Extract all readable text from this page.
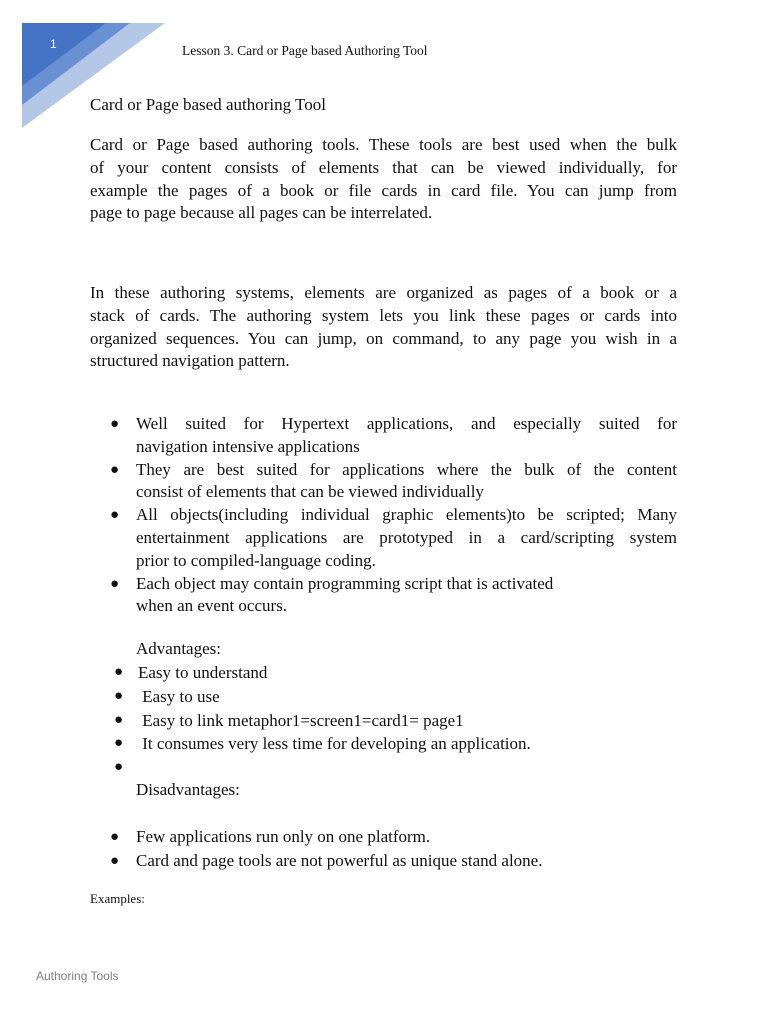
1	Lesson 3. Card or Page based Authoring Tool
Card or Page based authoring Tool

Card or Page based authoring tools. These tools are best used when the bulk
of your content consists of elements that can be viewed individually, for
example the pages of a book or file cards in card file. You can jump from
page to page because all pages can be interrelated.

In these authoring systems, elements are organized as pages of a book or a
stack of cards. The authoring system lets you link these pages or cards into
organized sequences. You can jump, on command, to any page you wish in a
structured navigation pattern.

● Well suited for Hypertext applications, and especially suited for
navigation intensive applications
● They are best suited for applications where the bulk of the content
consist of elements that can be viewed individually
● All objects(including individual graphic elements)to be scripted; Many
entertainment applications are prototyped in a card/scripting system
prior to compiled-language coding.
● Each object may contain programming script that is activated
when an event occurs.
Advantages:
● Easy to understand
● Easy to use
● Easy to link metaphor1=screen1=card1= page1
● It consumes very less time for developing an application.
●
Disadvantages:
● Few applications run only on one platform.
● Card and page tools are not powerful as unique stand alone.
Examples:
Authoring Tools
